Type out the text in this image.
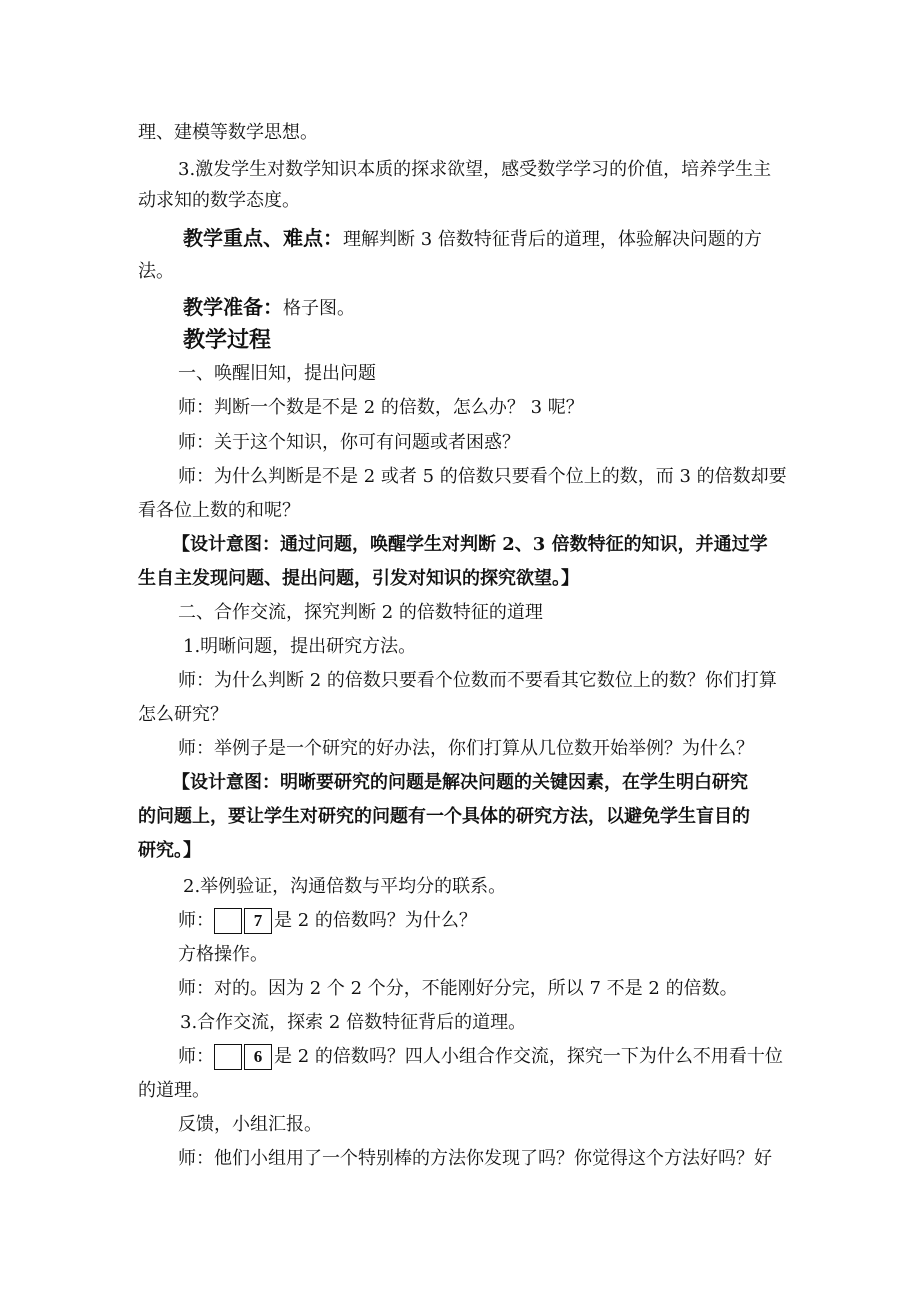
理、建模等数学思想。
3.激发学生对数学知识本质的探求欲望，感受数学学习的价值，培养学生主
动求知的数学态度。
教学重点、难点：理解判断 3 倍数特征背后的道理，体验解决问题的方
法。
教学准备：格子图。
教学过程
一、唤醒旧知，提出问题
师：判断一个数是不是 2 的倍数，怎么办？ 3 呢？
师：关于这个知识，你可有问题或者困惑？
师：为什么判断是不是 2 或者 5 的倍数只要看个位上的数，而 3 的倍数却要
看各位上数的和呢？
【设计意图：通过问题，唤醒学生对判断 2、3 倍数特征的知识，并通过学
生自主发现问题、提出问题，引发对知识的探究欲望。】
二、合作交流，探究判断 2 的倍数特征的道理
1.明晰问题，提出研究方法。
师：为什么判断 2 的倍数只要看个位数而不要看其它数位上的数？你们打算
怎么研究？
师：举例子是一个研究的好办法，你们打算从几位数开始举例？为什么？
【设计意图：明晰要研究的问题是解决问题的关键因素，在学生明白研究
的问题上，要让学生对研究的问题有一个具体的研究方法，以避免学生盲目的
研究。】
2.举例验证，沟通倍数与平均分的联系。
师： 7 是 2 的倍数吗？为什么？
方格操作。
师：对的。因为 2 个 2 个分，不能刚好分完，所以 7 不是 2 的倍数。
3.合作交流，探索 2 倍数特征背后的道理。
师： 6 是 2 的倍数吗？四人小组合作交流，探究一下为什么不用看十位
的道理。
反馈，小组汇报。
师：他们小组用了一个特别棒的方法你发现了吗？你觉得这个方法好吗？好
